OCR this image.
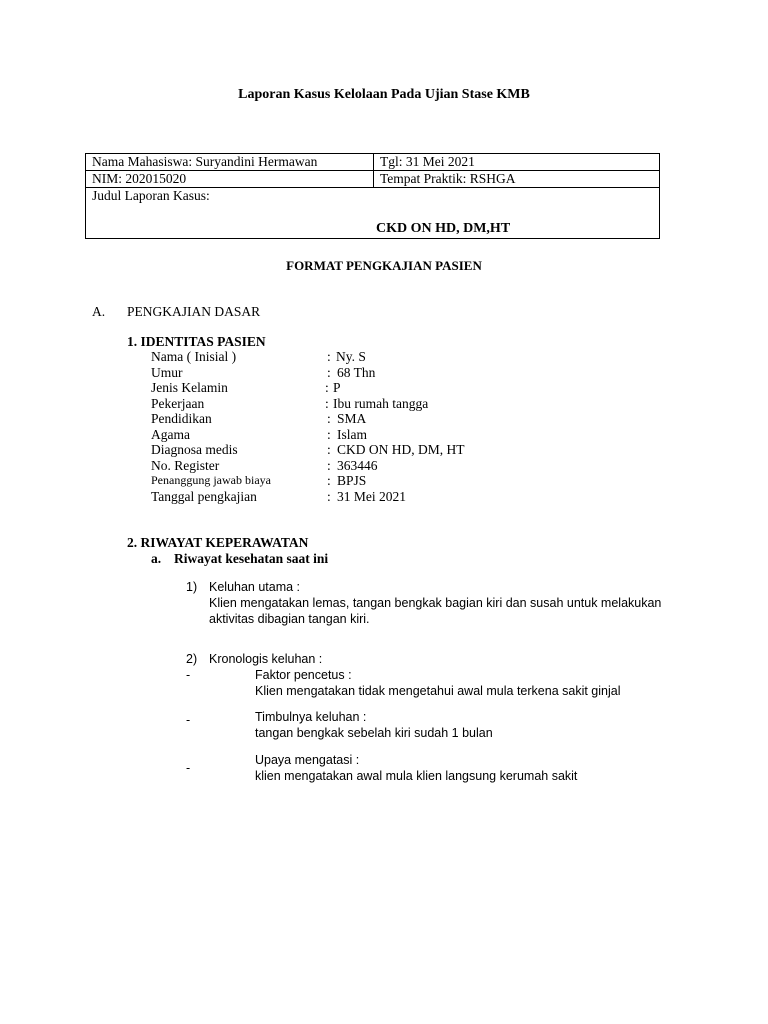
Laporan Kasus Kelolaan Pada Ujian Stase KMB
Nama Mahasiswa: Suryandini Hermawan	Tgl: 31 Mei 2021
NIM: 202015020	Tempat Praktik: RSHGA
Judul Laporan Kasus:
CKD ON HD, DM,HT	
FORMAT PENGKAJIAN PASIEN
A. PENGKAJIAN DASAR
1. IDENTITAS PASIEN
Nama ( Inisial )	: Ny. S
Umur	: 68 Thn
Jenis Kelamin	: P
Pekerjaan	: Ibu rumah tangga
Pendidikan	: SMA
Agama	: Islam
Diagnosa medis	: CKD ON HD, DM, HT
No. Register	: 363446
Penanggung jawab biaya	: BPJS
Tanggal pengkajian	: 31 Mei 2021
2. RIWAYAT KEPERAWATAN
a. Riwayat kesehatan saat ini
1) Keluhan utama :
Klien mengatakan lemas, tangan bengkak bagian kiri dan susah untuk melakukan
aktivitas dibagian tangan kiri.
2) Kronologis keluhan :
-	Faktor pencetus :
Klien mengatakan tidak mengetahui awal mula terkena sakit ginjal
-	Timbulnya keluhan :
tangan bengkak sebelah kiri sudah 1 bulan
-
Upaya mengatasi :
klien mengatakan awal mula klien langsung kerumah sakit
